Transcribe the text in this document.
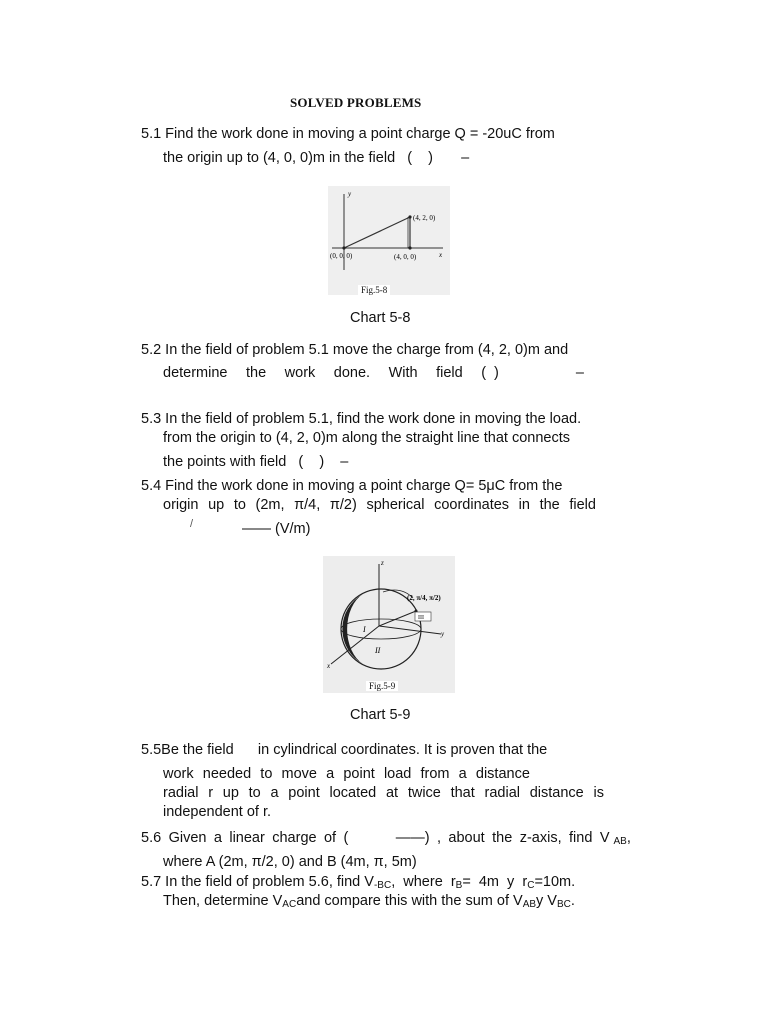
SOLVED PROBLEMS
5.1 Find the work done in moving a point charge Q = -20uC from
the origin up to (4, 0, 0)m in the field   (    )       –
y
x
(4, 2, 0)
(0, 0, 0)	(4, 0, 0)
Fig.5-8
Chart 5-8
5.2 In the field of problem 5.1 move the charge from (4, 2, 0)m and
determine the work done. With field ( )	–
5.3 In the field of problem 5.1, find the work done in moving the load.
from the origin to (4, 2, 0)m along the straight line that connects
the points with field   (    )    –
5.4 Find the work done in moving a point charge Q= 5μC from the
origin up to (2m, π/4, π/2) spherical coordinates in the field
/	—— (V/m)
z
y
x
(2, π/4, π/2)
I
II
III
Fig.5-9
Chart 5-9
5.5Be the field      in cylindrical coordinates. It is proven that the
work needed to move a point load from a distance
radial r up to a point located at twice that radial distance is
independent of r.
5.6 Given a linear charge of (	——) , about the z-axis, find V $_{AB}$,
where A (2m, π/2, 0) and B (4m, π, 5m)
5.7 In the field of problem 5.6, find $V_{-BC}$,  where  $r_B= 4m$  y  $r_C=10m$.
Then, determine $V_{AC}and$ compare this with the sum of $V_{AB}y$ $V_{BC}$.
